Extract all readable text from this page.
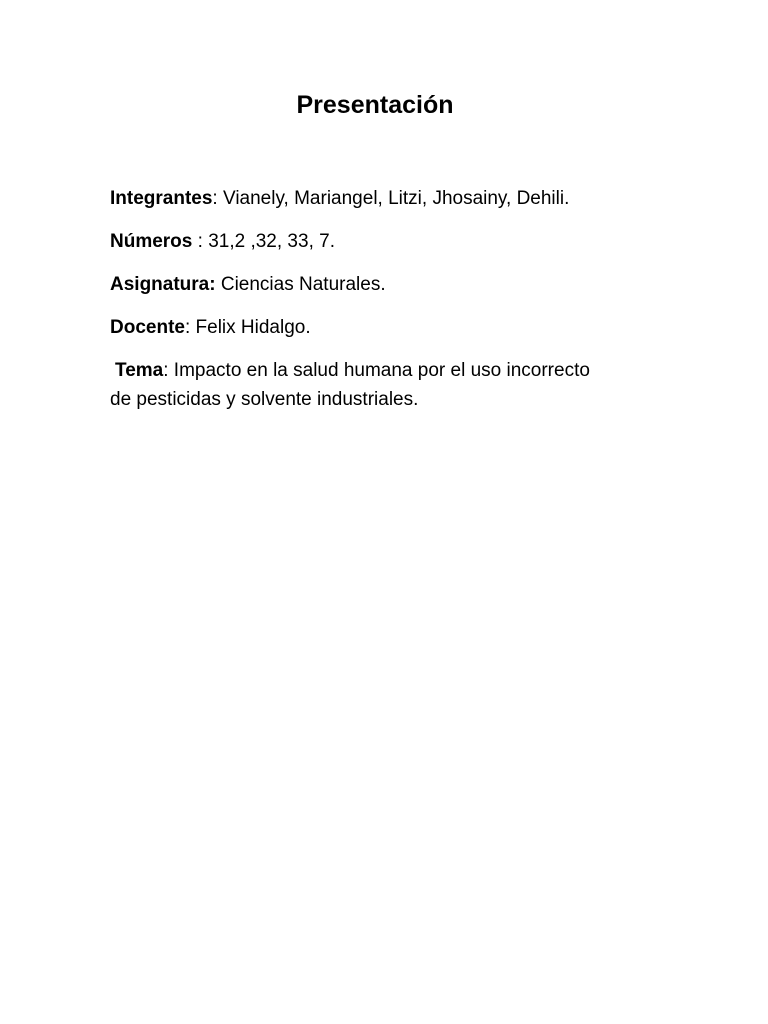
Presentación

Integrantes: Vianely, Mariangel, Litzi, Jhosainy, Dehili.

Números : 31,2 ,32, 33, 7.

Asignatura: Ciencias Naturales.

Docente: Felix Hidalgo.

Tema: Impacto en la salud humana por el uso incorrecto
de pesticidas y solvente industriales.
